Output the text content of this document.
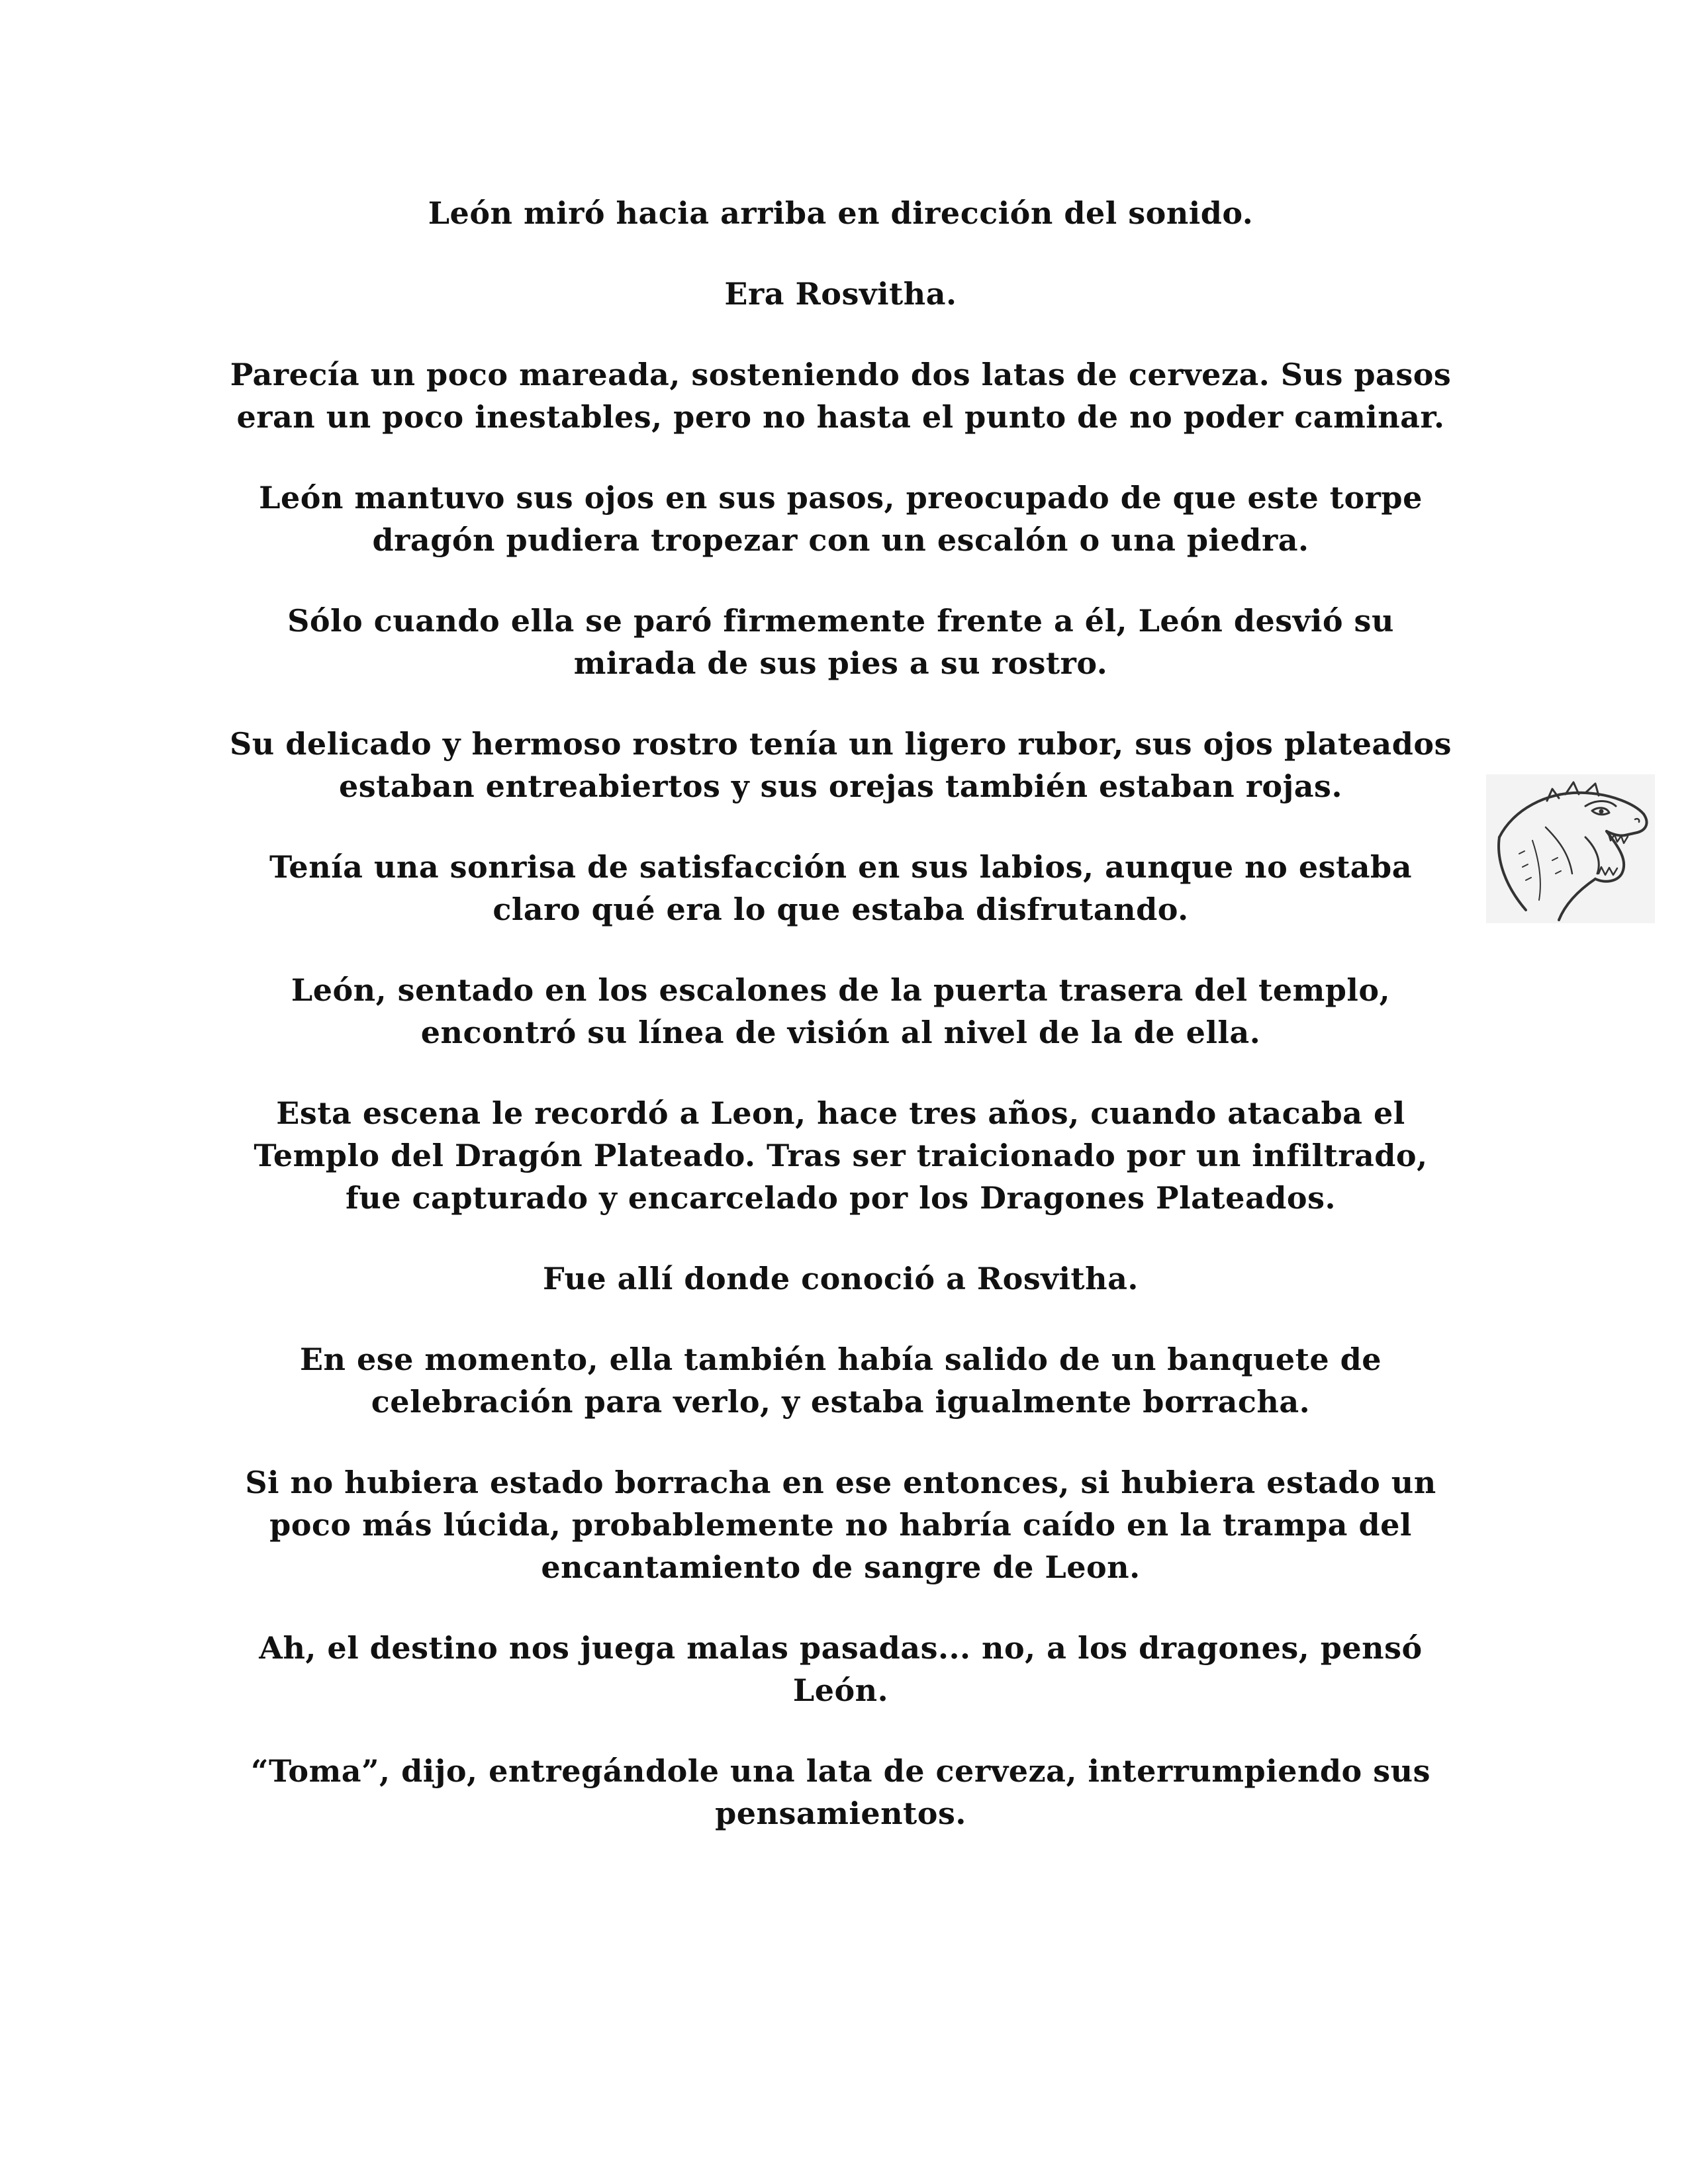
León miró hacia arriba en dirección del sonido.

Era Rosvitha.

Parecía un poco mareada, sosteniendo dos latas de cerveza. Sus pasos eran un poco inestables, pero no hasta el punto de no poder caminar.

León mantuvo sus ojos en sus pasos, preocupado de que este torpe dragón pudiera tropezar con un escalón o una piedra.

Sólo cuando ella se paró firmemente frente a él, León desvió su mirada de sus pies a su rostro.

Su delicado y hermoso rostro tenía un ligero rubor, sus ojos plateados estaban entreabiertos y sus orejas también estaban rojas.

Tenía una sonrisa de satisfacción en sus labios, aunque no estaba claro qué era lo que estaba disfrutando.

León, sentado en los escalones de la puerta trasera del templo, encontró su línea de visión al nivel de la de ella.

Esta escena le recordó a Leon, hace tres años, cuando atacaba el Templo del Dragón Plateado. Tras ser traicionado por un infiltrado, fue capturado y encarcelado por los Dragones Plateados.

Fue allí donde conoció a Rosvitha.

En ese momento, ella también había salido de un banquete de celebración para verlo, y estaba igualmente borracha.

Si no hubiera estado borracha en ese entonces, si hubiera estado un poco más lúcida, probablemente no habría caído en la trampa del encantamiento de sangre de Leon.

Ah, el destino nos juega malas pasadas... no, a los dragones, pensó León.

“Toma”, dijo, entregándole una lata de cerveza, interrumpiendo sus pensamientos.
